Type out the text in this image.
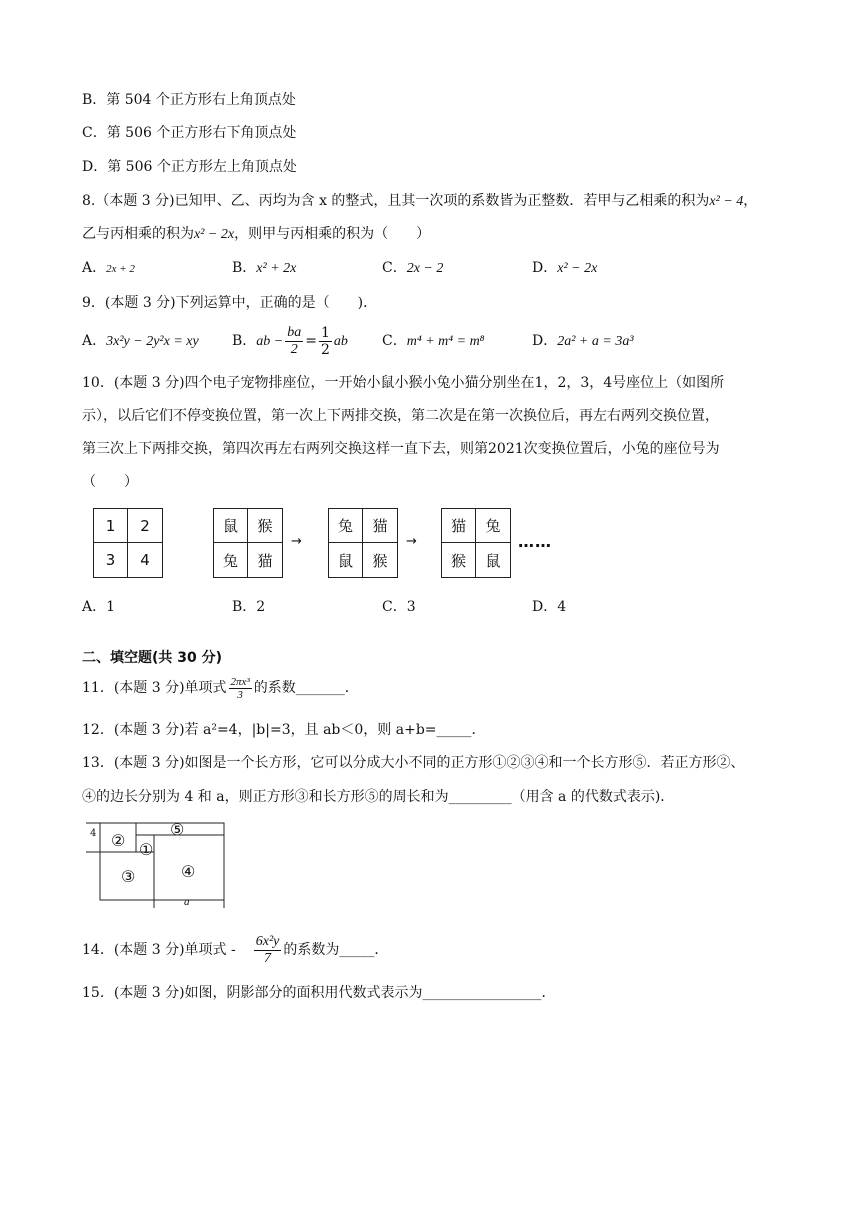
B．第 504 个正方形右上角顶点处
C．第 506 个正方形右下角顶点处
D．第 506 个正方形左上角顶点处
8.（本题 3 分)已知甲、乙、丙均为含 x 的整式，且其一次项的系数皆为正整数．若甲与乙相乘的积为x² − 4，
乙与丙相乘的积为x² − 2x，则甲与丙相乘的积为（　　）
A．2x + 2	B．x² + 2x	C．2x − 2	D．x² − 2x
9．(本题 3 分)下列运算中，正确的是（　　)．
A．3x²y − 2y²x = xy B．ab − $\frac{ba}{2} = \frac{1}{2}$ ab C．m⁴ + m⁴ = m⁸	D．2a² + a = 3a³
10．(本题 3 分)四个电子宠物排座位，一开始小鼠小猴小兔小猫分别坐在1，2，3，4号座位上（如图所
示），以后它们不停变换位置，第一次上下两排交换，第二次是在第一次换位后，再左右两列交换位置，
第三次上下两排交换，第四次再左右两列交换这样一直下去，则第2021次变换位置后，小兔的座位号为
（　　）
1	2
3	4
鼠	猴
兔	猫
→
兔	猫
鼠	猴
→
猫	兔
猴	鼠
……
A．1	B．2	C．3	D．4
二、填空题(共 30 分)
11．(本题 3 分)单项式 $\frac{\text{2πx³}}{3}$ 的系数_______．
12．(本题 3 分)若 a²=4，|b|=3，且 ab＜0，则 a+b=_____．
13．(本题 3 分)如图是一个长方形，它可以分成大小不同的正方形①②③④和一个长方形⑤．若正方形②、
④的边长分别为 4 和 a，则正方形③和长方形⑤的周长和为_________（用含 a 的代数式表示)．
4 ②
⑤
①
③	④
a
14．(本题 3 分)单项式 - $\frac{\text{6x²y}}{7}$ 的系数为_____．
15．(本题 3 分)如图，阴影部分的面积用代数式表示为_________________．
